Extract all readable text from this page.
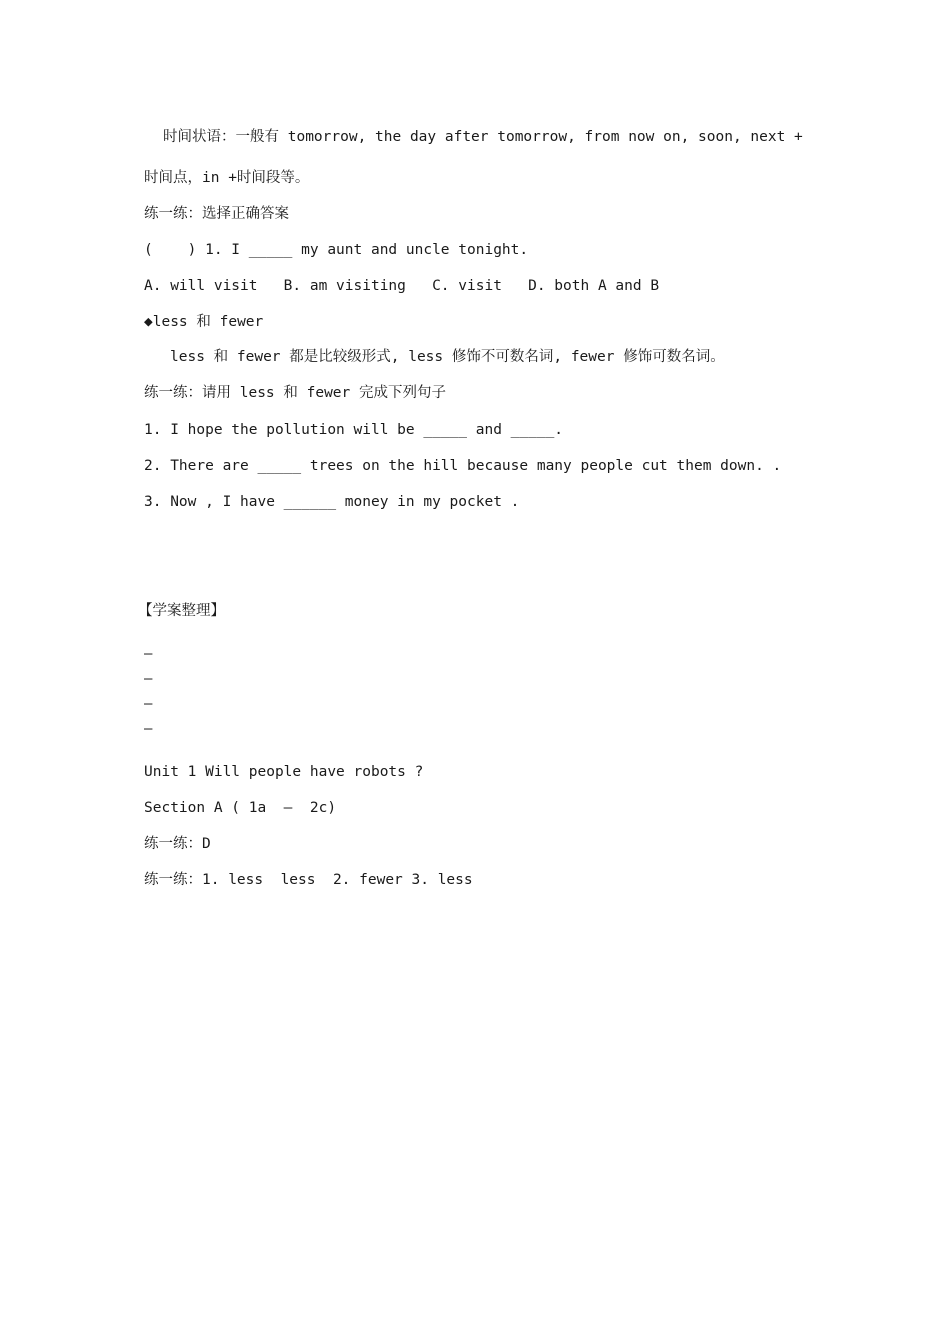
时间状语：一般有 tomorrow, the day after tomorrow, from now on, soon, next +
时间点，in +时间段等。
练一练：选择正确答案
(    ) 1. I _____ my aunt and uncle tonight.
A. will visit   B. am visiting   C. visit   D. both A and B
◆less 和 fewer
less 和 fewer 都是比较级形式, less 修饰不可数名词, fewer 修饰可数名词。
练一练：请用 less 和 fewer 完成下列句子
1. I hope the pollution will be _____ and _____.
2. There are _____ trees on the hill because many people cut them down. .
3. Now , I have ______ money in my pocket .
【学案整理】
—
—
—
—
Unit 1 Will people have robots ?
Section A ( 1a  –  2c)
练一练：D
练一练：1. less  less  2. fewer 3. less
